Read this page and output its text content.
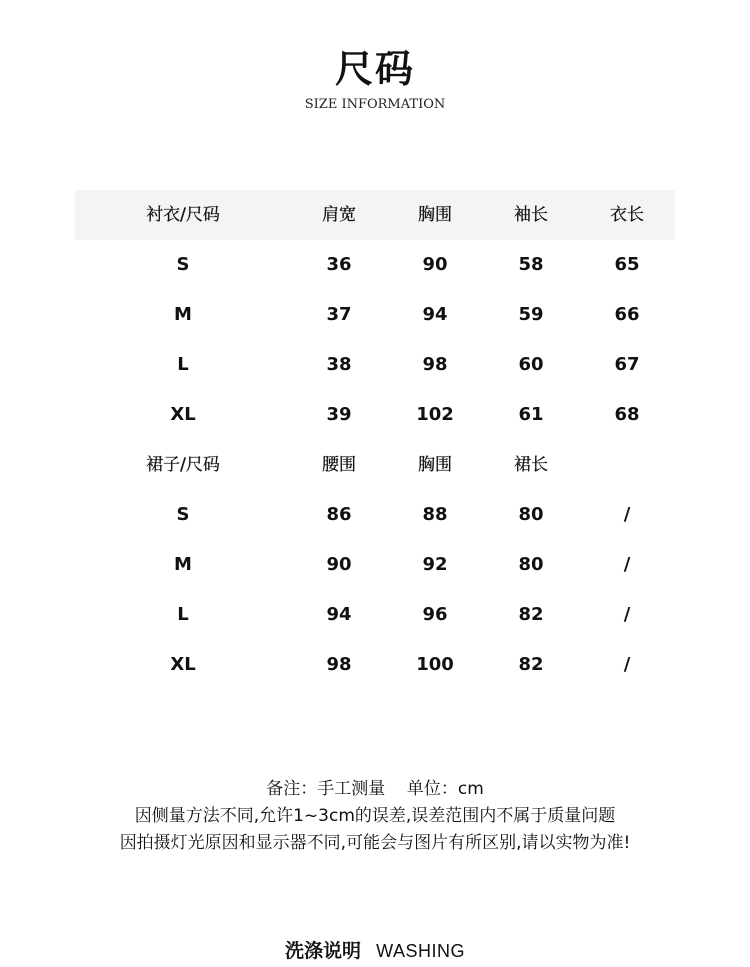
尺码
SIZE INFORMATION
衬衣/尺码	肩宽	胸围	袖长	衣长
S	36	90	58	65
M	37	94	59	66
L	38	98	60	67
XL	39	102	61	68
裙子/尺码	腰围	胸围	裙长
S	86	88	80	/
M	90	92	80	/
L	94	96	82	/
XL	98	100	82	/
备注：手工测量    单位：cm
因侧量方法不同,允许1~3cm的误差,误差范围内不属于质量问题
因拍摄灯光原因和显示器不同,可能会与图片有所区别,请以实物为准!
洗涤说明 WASHING
